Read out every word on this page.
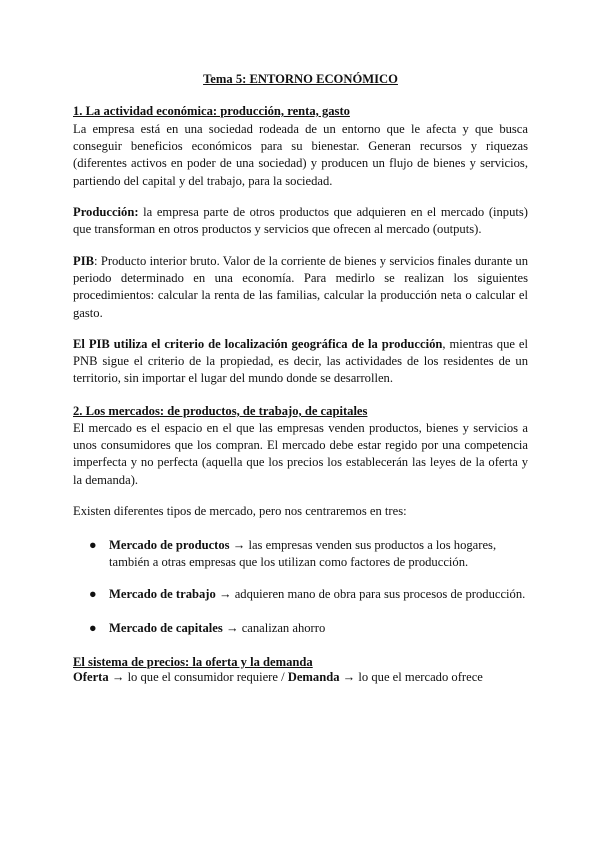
Tema 5: ENTORNO ECONÓMICO
1. La actividad económica: producción, renta, gasto

La empresa está en una sociedad rodeada de un entorno que le afecta y que busca conseguir beneficios económicos para su bienestar. Generan recursos y riquezas (diferentes activos en poder de una sociedad) y producen un flujo de bienes y servicios, partiendo del capital y del trabajo, para la sociedad.

Producción: la empresa parte de otros productos que adquieren en el mercado (inputs) que transforman en otros productos y servicios que ofrecen al mercado (outputs).

PIB: Producto interior bruto. Valor de la corriente de bienes y servicios finales durante un periodo determinado en una economía. Para medirlo se realizan los siguientes procedimientos: calcular la renta de las familias, calcular la producción neta o calcular el gasto.

El PIB utiliza el criterio de localización geográfica de la producción, mientras que el PNB sigue el criterio de la propiedad, es decir, las actividades de los residentes de un territorio, sin importar el lugar del mundo donde se desarrollen.

2. Los mercados: de productos, de trabajo, de capitales

El mercado es el espacio en el que las empresas venden productos, bienes y servicios a unos consumidores que los compran. El mercado debe estar regido por una competencia imperfecta y no perfecta (aquella que los precios los establecerán las leyes de la oferta y la demanda).

Existen diferentes tipos de mercado, pero nos centraremos en tres:

● Mercado de productos → las empresas venden sus productos a los hogares, también a otras empresas que los utilizan como factores de producción.
● Mercado de trabajo → adquieren mano de obra para sus procesos de producción.
● Mercado de capitales → canalizan ahorro
El sistema de precios: la oferta y la demanda

Oferta → lo que el consumidor requiere / Demanda → lo que el mercado ofrece
